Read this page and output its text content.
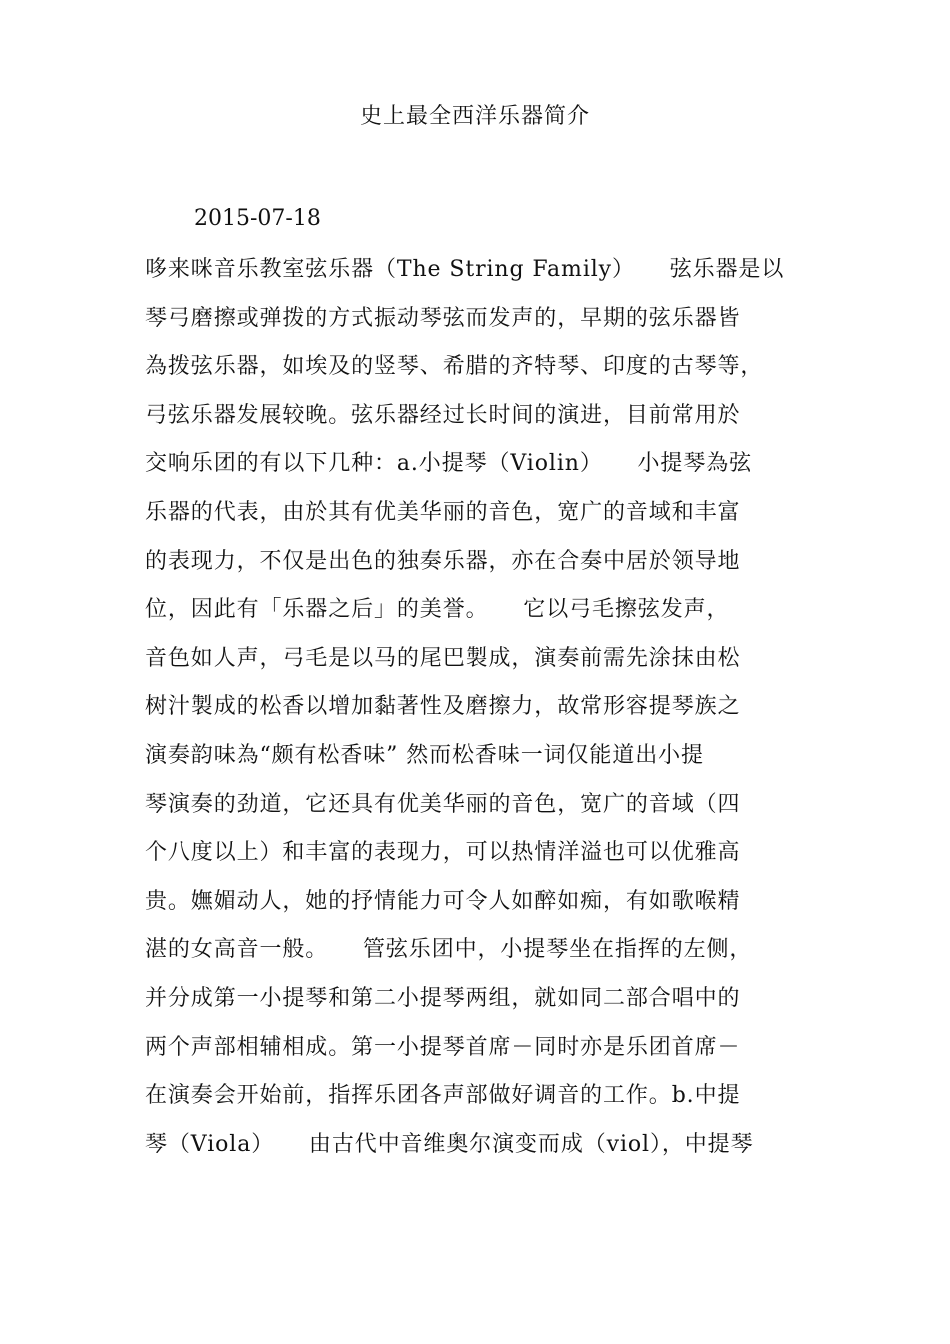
史上最全西洋乐器简介
2015-07-18
哆来咪音乐教室弦乐器（The String Family）　　弦乐器是以
琴弓磨擦或弹拨的方式振动琴弦而发声的，早期的弦乐器皆
為拨弦乐器，如埃及的竖琴、希腊的齐特琴、印度的古琴等，
弓弦乐器发展较晚。弦乐器经过长时间的演进，目前常用於
交响乐团的有以下几种：a.小提琴（Violin）　　小提琴為弦
乐器的代表，由於其有优美华丽的音色，宽广的音域和丰富
的表现力，不仅是出色的独奏乐器，亦在合奏中居於领导地
位，因此有「乐器之后」的美誉。　　它以弓毛擦弦发声，
音色如人声，弓毛是以马的尾巴製成，演奏前需先涂抹由松
树汁製成的松香以增加黏著性及磨擦力，故常形容提琴族之
演奏韵味為“颇有松香味” 然而松香味一词仅能道出小提
琴演奏的劲道，它还具有优美华丽的音色，宽广的音域（四
个八度以上）和丰富的表现力，可以热情洋溢也可以优雅高
贵。嫵媚动人，她的抒情能力可令人如醉如痴，有如歌喉精
湛的女高音一般。　　管弦乐团中，小提琴坐在指挥的左侧，
并分成第一小提琴和第二小提琴两组，就如同二部合唱中的
两个声部相辅相成。第一小提琴首席－同时亦是乐团首席－
在演奏会开始前，指挥乐团各声部做好调音的工作。b.中提
琴（Viola）　　由古代中音维奥尔演变而成（viol），中提琴
